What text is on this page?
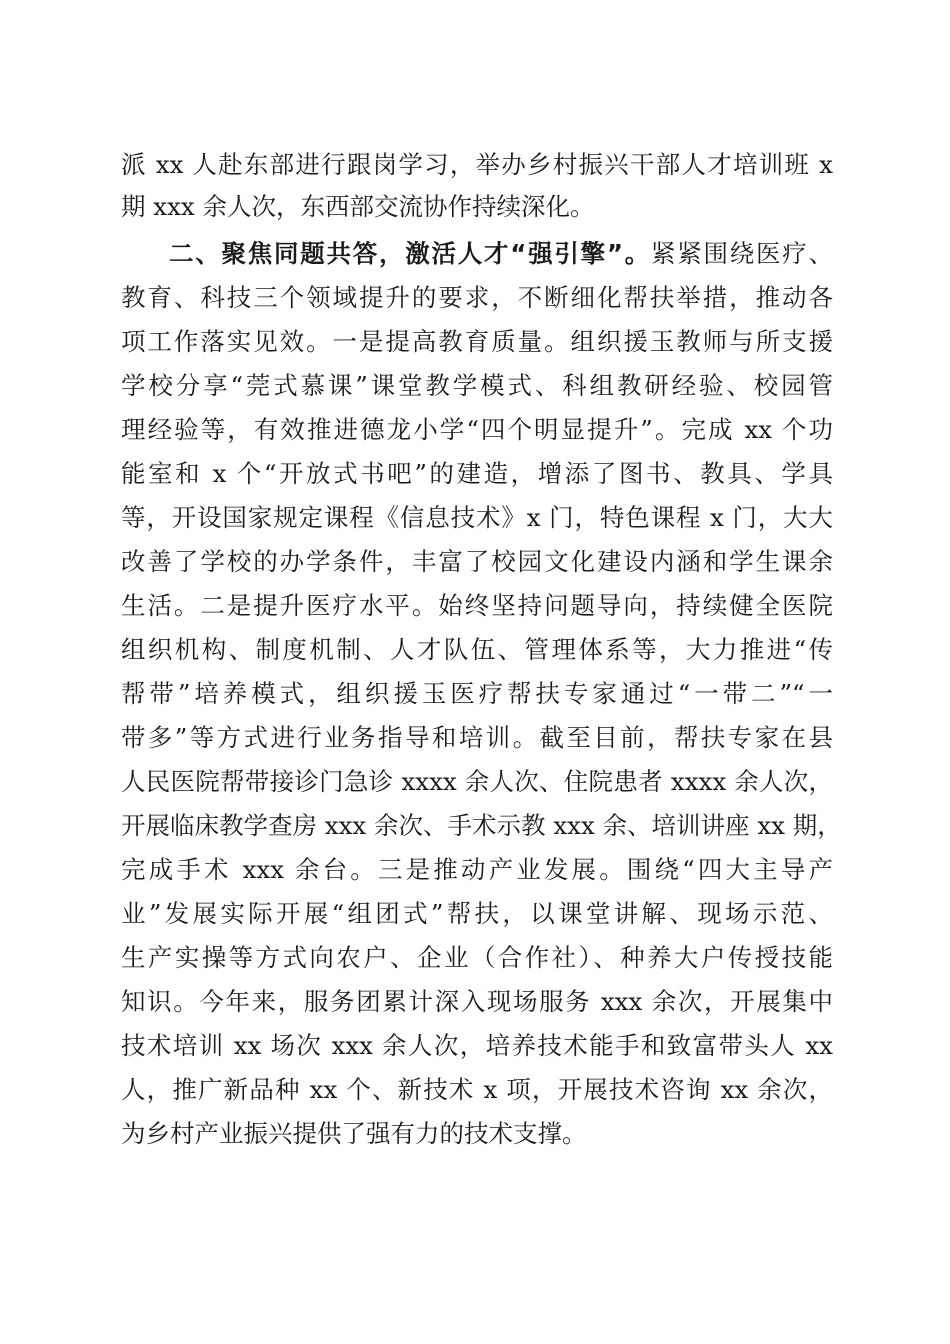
派 xx 人赴东部进行跟岗学习，举办乡村振兴干部人才培训班 x
期 xxx 余人次，东西部交流协作持续深化。
二、聚焦同题共答，激活人才“强引擎”。紧紧围绕医疗、
教育、科技三个领域提升的要求，不断细化帮扶举措，推动各
项工作落实见效。一是提高教育质量。组织援玉教师与所支援
学校分享“莞式慕课”课堂教学模式、科组教研经验、校园管
理经验等，有效推进德龙小学“四个明显提升”。完成 xx 个功
能室和 x 个“开放式书吧”的建造，增添了图书、教具、学具
等，开设国家规定课程《信息技术》x 门，特色课程 x 门，大大
改善了学校的办学条件，丰富了校园文化建设内涵和学生课余
生活。二是提升医疗水平。始终坚持问题导向，持续健全医院
组织机构、制度机制、人才队伍、管理体系等，大力推进“传
帮带”培养模式，组织援玉医疗帮扶专家通过“一带二”“一
带多”等方式进行业务指导和培训。截至目前，帮扶专家在县
人民医院帮带接诊门急诊 xxxx 余人次、住院患者 xxxx 余人次，
开展临床教学查房 xxx 余次、手术示教 xxx 余、培训讲座 xx 期，
完成手术 xxx 余台。三是推动产业发展。围绕“四大主导产
业”发展实际开展“组团式”帮扶，以课堂讲解、现场示范、
生产实操等方式向农户、企业（合作社）、种养大户传授技能
知识。今年来，服务团累计深入现场服务 xxx 余次，开展集中
技术培训 xx 场次 xxx 余人次，培养技术能手和致富带头人 xx
人，推广新品种 xx 个、新技术 x 项，开展技术咨询 xx 余次，
为乡村产业振兴提供了强有力的技术支撑。
